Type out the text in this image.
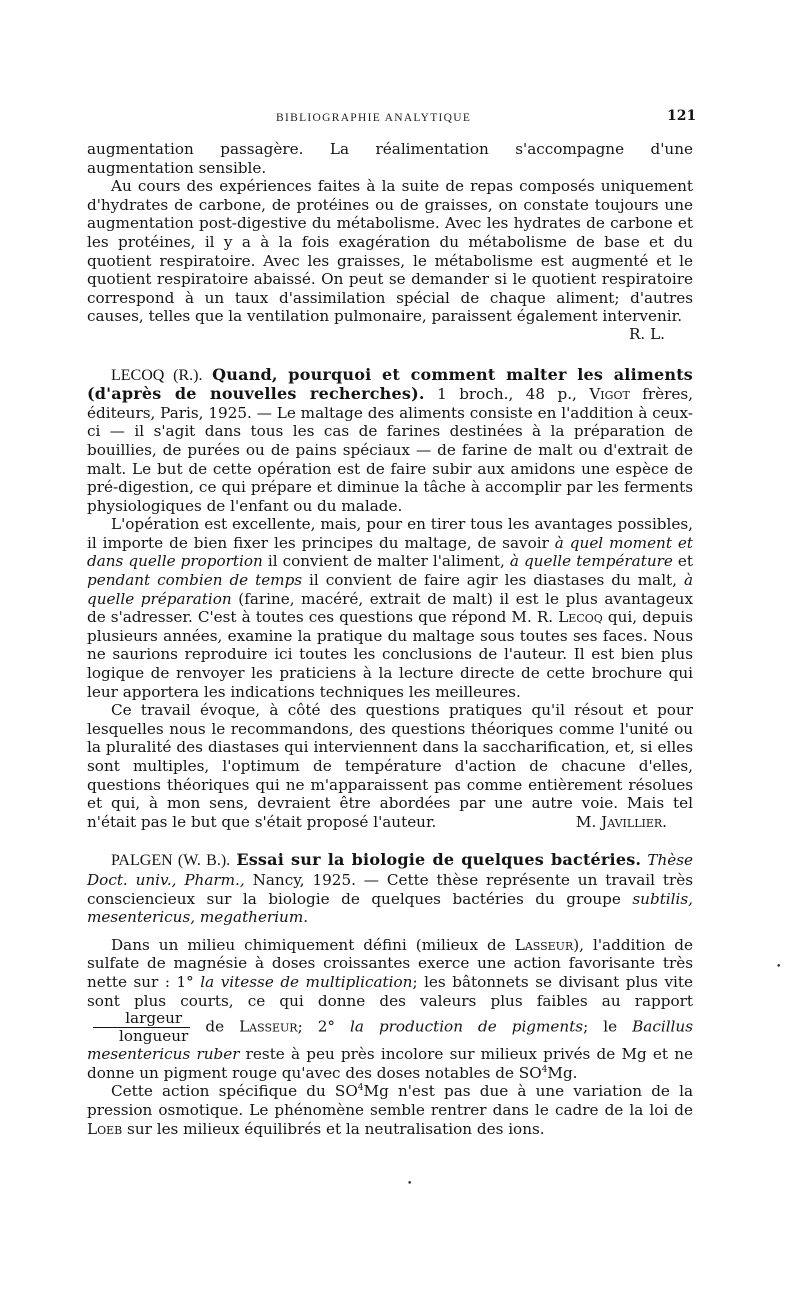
BIBLIOGRAPHIE ANALYTIQUE	121

augmentation passagère. La réalimentation s'accompagne d'une augmentation sensible.

Au cours des expériences faites à la suite de repas composés uniquement d'hydrates de carbone, de protéines ou de graisses, on constate toujours une augmentation post-digestive du métabolisme. Avec les hydrates de carbone et les protéines, il y a à la fois exagération du métabolisme de base et du quotient respiratoire. Avec les graisses, le métabolisme est augmenté et le quotient respiratoire abaissé. On peut se demander si le quotient respiratoire correspond à un taux d'assimilation spécial de chaque aliment; d'autres causes, telles que la ventilation pulmonaire, paraissent également intervenir.

R. L.

LECOQ (R.). Quand, pourquoi et comment malter les aliments (d'après de nouvelles recherches). 1 broch., 48 p., Vigot frères, éditeurs, Paris, 1925. — Le maltage des aliments consiste en l'addition à ceux-ci — il s'agit dans tous les cas de farines destinées à la préparation de bouillies, de purées ou de pains spéciaux — de farine de malt ou d'extrait de malt. Le but de cette opération est de faire subir aux amidons une espèce de pré-digestion, ce qui prépare et diminue la tâche à accomplir par les ferments physiologiques de l'enfant ou du malade.

L'opération est excellente, mais, pour en tirer tous les avantages possibles, il importe de bien fixer les principes du maltage, de savoir à quel moment et dans quelle proportion il convient de malter l'aliment, à quelle température et pendant combien de temps il convient de faire agir les diastases du malt, à quelle préparation (farine, macéré, extrait de malt) il est le plus avantageux de s'adresser. C'est à toutes ces questions que répond M. R. Lecoq qui, depuis plusieurs années, examine la pratique du maltage sous toutes ses faces. Nous ne saurions reproduire ici toutes les conclusions de l'auteur. Il est bien plus logique de renvoyer les praticiens à la lecture directe de cette brochure qui leur apportera les indications techniques les meilleures.

Ce travail évoque, à côté des questions pratiques qu'il résout et pour lesquelles nous le recommandons, des questions théoriques comme l'unité ou la pluralité des diastases qui interviennent dans la saccharification, et, si elles sont multiples, l'optimum de température d'action de chacune d'elles, questions théoriques qui ne m'apparaissent pas comme entièrement résolues et qui, à mon sens, devraient être abordées par une autre voie. Mais tel n'était pas le but que s'était proposé l'auteur.	M. Javillier.

PALGEN (W. B.). Essai sur la biologie de quelques bactéries. Thèse Doct. univ., Pharm., Nancy, 1925. — Cette thèse représente un travail très consciencieux sur la biologie de quelques bactéries du groupe subtilis, mesentericus, megatherium.

Dans un milieu chimiquement défini (milieux de Lasseur), l'addition de sulfate de magnésie à doses croissantes exerce une action favorisante très nette sur : 1° la vitesse de multiplication; les bâtonnets se divisant plus vite sont plus courts, ce qui donne des valeurs plus faibles au rapport
$\frac{\text{largeur}}{\text{longueur}}$ de Lasseur; 2° la production de pigments; le Bacillus mesentericus ruber reste à peu près incolore sur milieux privés de Mg et ne donne un pigment rouge qu'avec des doses notables de $SO^4Mg$.

Cette action spécifique du $SO^4Mg$ n'est pas due à une variation de la pression osmotique. Le phénomène semble rentrer dans le cadre de la loi de Loeb sur les milieux équilibrés et la neutralisation des ions.

•
•
